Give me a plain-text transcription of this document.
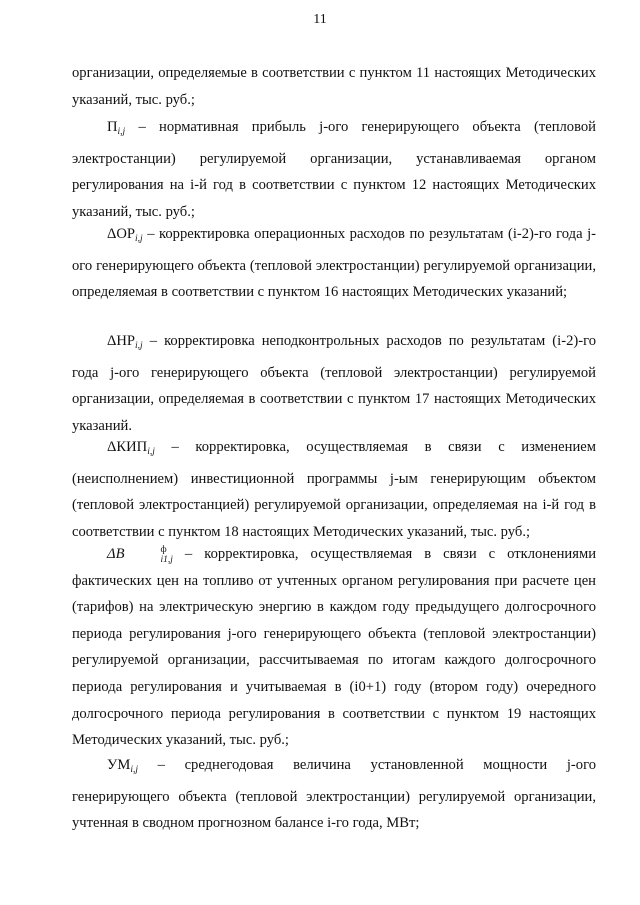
11

организации, определяемые в соответствии с пунктом 11 настоящих Методических указаний, тыс. руб.;

$П_{i,j}$ – нормативная прибыль j-ого генерирующего объекта (тепловой электростанции) регулируемой организации, устанавливаемая органом регулирования на i-й год в соответствии с пунктом 12 настоящих Методических указаний, тыс. руб.;

$\Delta ОР_{i,j}$ – корректировка операционных расходов по результатам (i-2)-го года j-ого генерирующего объекта (тепловой электростанции) регулируемой организации, определяемая в соответствии с пунктом 16 настоящих Методических указаний;

$\Delta НР_{i,j}$ – корректировка неподконтрольных расходов по результатам (i-2)-го года j-ого генерирующего объекта (тепловой электростанции) регулируемой организации, определяемая в соответствии с пунктом 17 настоящих Методических указаний.

$\Delta КИП_{i,j}$ – корректировка, осуществляемая в связи с изменением (неисполнением) инвестиционной программы j-ым генерирующим объектом (тепловой электростанцией) регулируемой организации, определяемая на i-й год в соответствии с пунктом 18 настоящих Методических указаний, тыс. руб.;

ΔB	ф
i1,j – корректировка, осуществляемая в связи с отклонениями фактических цен на топливо от учтенных органом регулирования при расчете цен (тарифов) на электрическую энергию в каждом году предыдущего долгосрочного периода регулирования j-ого генерирующего объекта (тепловой электростанции) регулируемой организации, рассчитываемая по итогам каждого долгосрочного периода регулирования и учитываемая в (i0+1) году (втором году) очередного долгосрочного периода регулирования в соответствии с пунктом 19 настоящих Методических указаний, тыс. руб.;

$УМ_{i,j}$ – среднегодовая величина установленной мощности j-ого генерирующего объекта (тепловой электростанции) регулируемой организации, учтенная в сводном прогнозном балансе i-го года, МВт;
